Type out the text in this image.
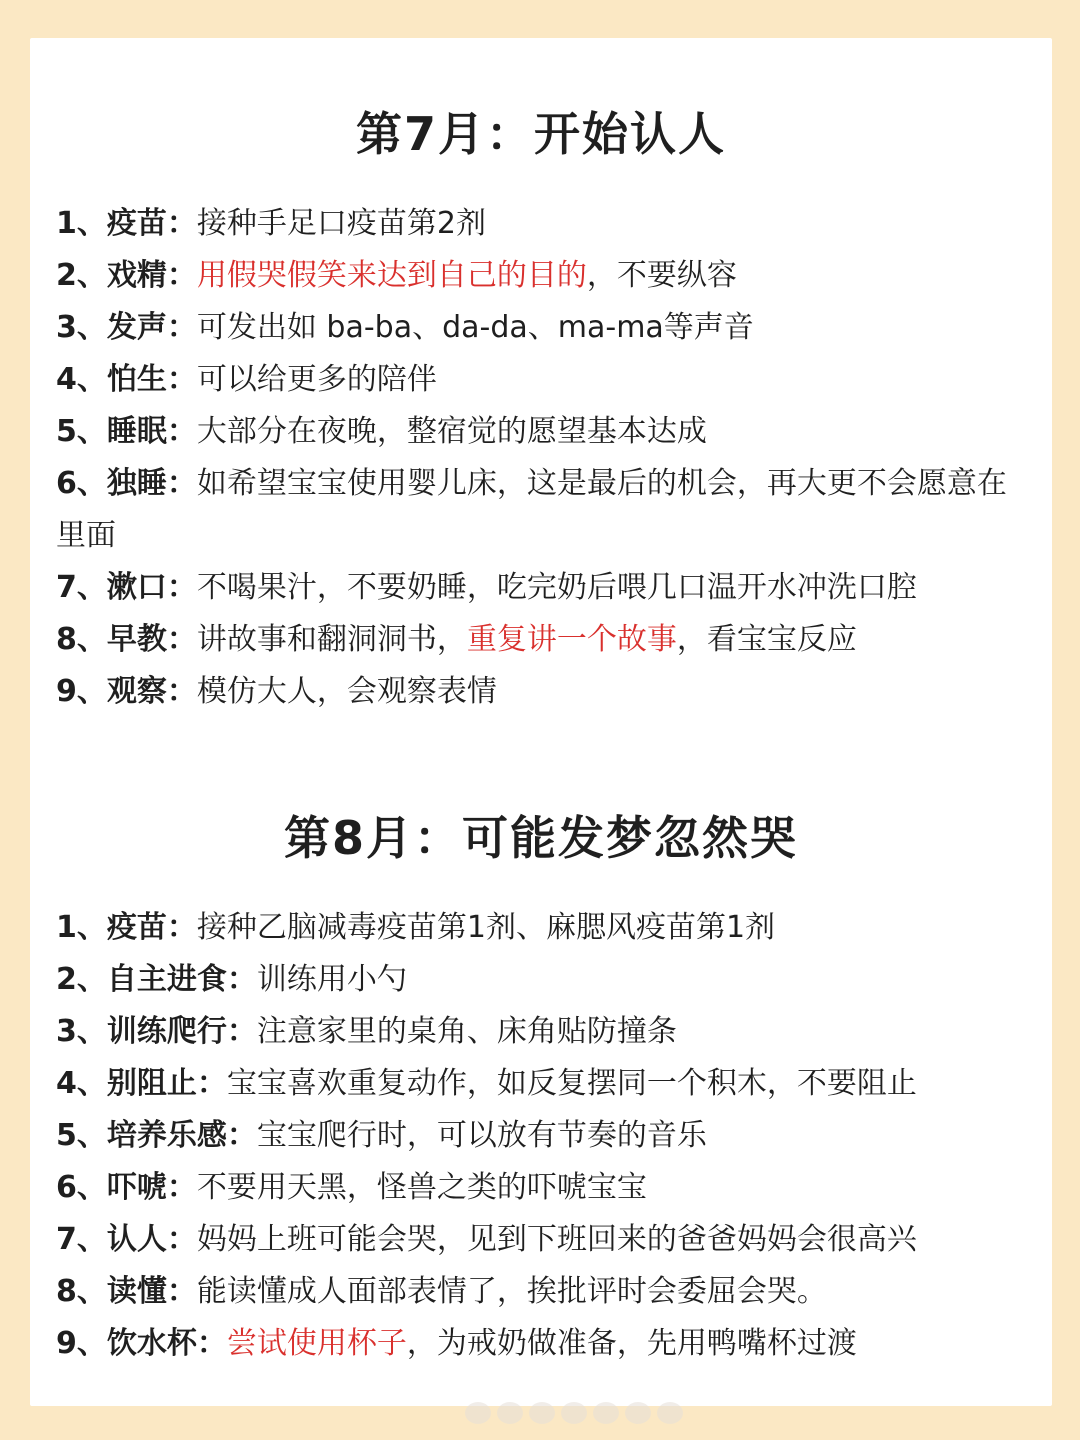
第7月：开始认人
1、疫苗：接种手足口疫苗第2剂
2、戏精：用假哭假笑来达到自己的目的，不要纵容
3、发声：可发出如 ba-ba、da-da、ma-ma等声音
4、怕生：可以给更多的陪伴
5、睡眠：大部分在夜晚，整宿觉的愿望基本达成
6、独睡：如希望宝宝使用婴儿床，这是最后的机会，再大更不会愿意在里面
7、漱口：不喝果汁，不要奶睡，吃完奶后喂几口温开水冲洗口腔
8、早教：讲故事和翻洞洞书，重复讲一个故事，看宝宝反应
9、观察：模仿大人，会观察表情
第8月：可能发梦忽然哭
1、疫苗：接种乙脑减毒疫苗第1剂、麻腮风疫苗第1剂
2、自主进食：训练用小勺
3、训练爬行：注意家里的桌角、床角贴防撞条
4、别阻止：宝宝喜欢重复动作，如反复摆同一个积木，不要阻止
5、培养乐感：宝宝爬行时，可以放有节奏的音乐
6、吓唬：不要用天黑，怪兽之类的吓唬宝宝
7、认人：妈妈上班可能会哭，见到下班回来的爸爸妈妈会很高兴
8、读懂：能读懂成人面部表情了，挨批评时会委屈会哭。
9、饮水杯：尝试使用杯子，为戒奶做准备，先用鸭嘴杯过渡
